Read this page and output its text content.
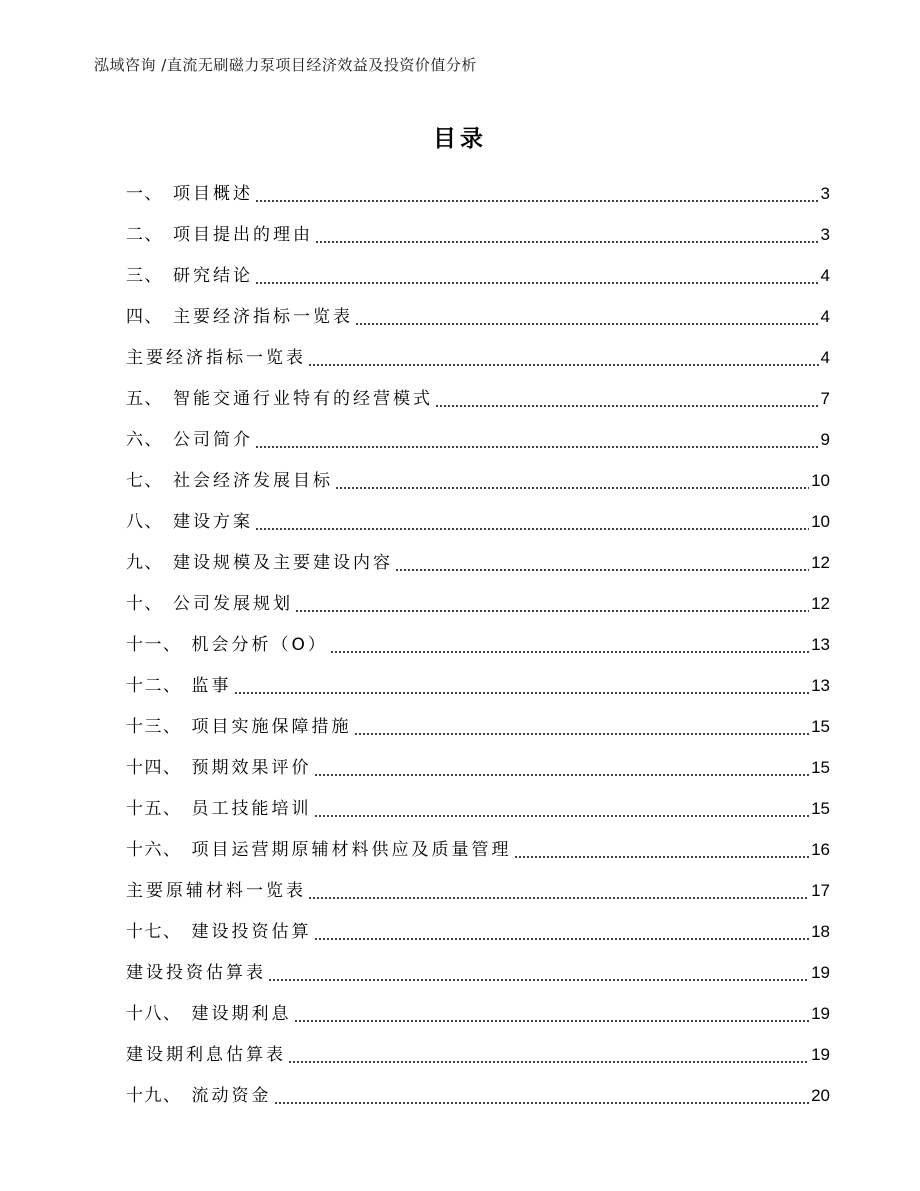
泓域咨询 /直流无刷磁力泵项目经济效益及投资价值分析
目录
一、 项目概述	3
二、 项目提出的理由	3
三、 研究结论	4
四、 主要经济指标一览表	4
主要经济指标一览表	4
五、 智能交通行业特有的经营模式	7
六、 公司简介	9
七、 社会经济发展目标	10
八、 建设方案	10
九、 建设规模及主要建设内容	12
十、 公司发展规划	12
十一、 机会分析（O）	13
十二、 监事	13
十三、 项目实施保障措施	15
十四、 预期效果评价	15
十五、 员工技能培训	15
十六、 项目运营期原辅材料供应及质量管理	16
主要原辅材料一览表	17
十七、 建设投资估算	18
建设投资估算表	19
十八、 建设期利息	19
建设期利息估算表	19
十九、 流动资金	20
